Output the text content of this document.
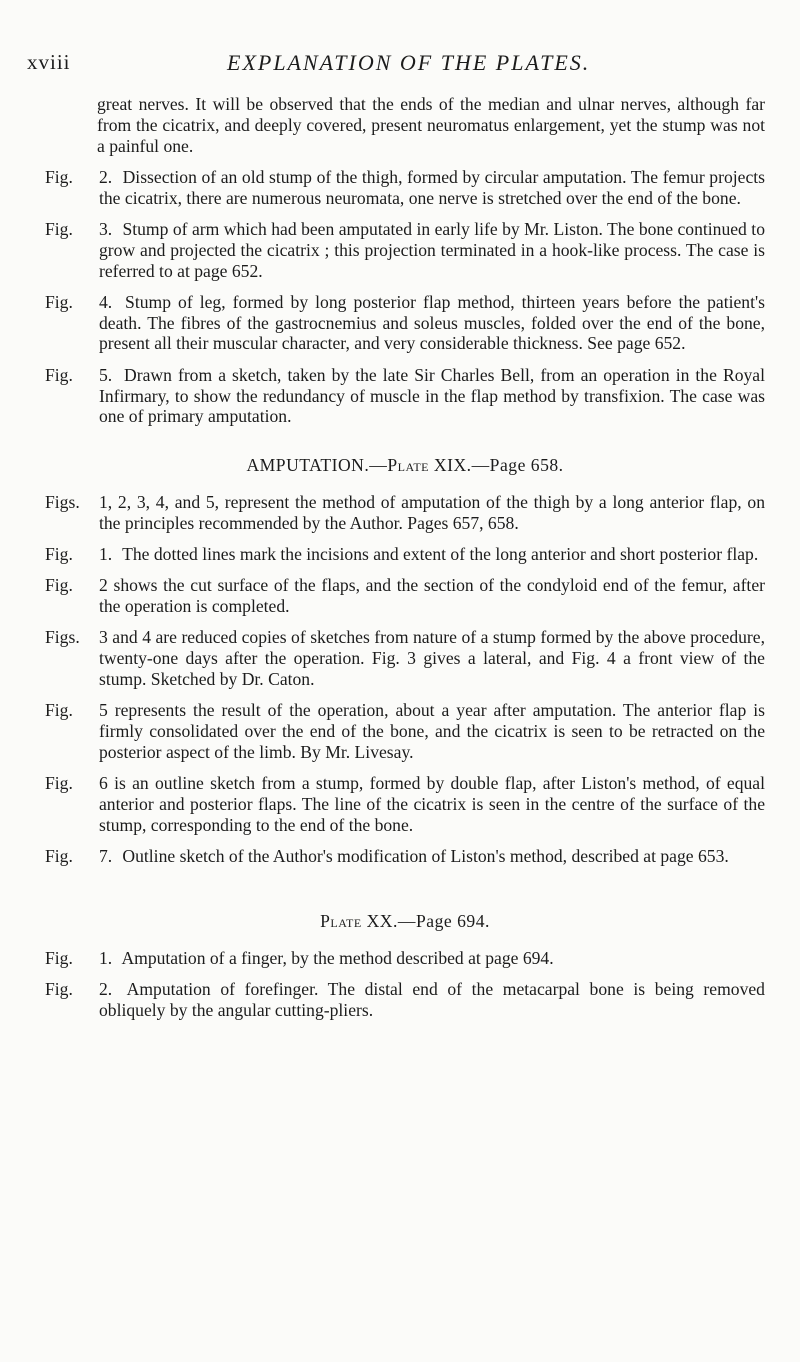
xviii	EXPLANATION OF THE PLATES.
great nerves. It will be observed that the ends of the median and ulnar nerves, although far from the cicatrix, and deeply covered, present neuromatus enlargement, yet the stump was not a painful one.
Fig.	2. Dissection of an old stump of the thigh, formed by circular amputation. The femur projects the cicatrix, there are numerous neuromata, one nerve is stretched over the end of the bone.
Fig.	3. Stump of arm which had been amputated in early life by Mr. Liston. The bone continued to grow and projected the cicatrix ; this projection terminated in a hook-like process. The case is referred to at page 652.
Fig.	4. Stump of leg, formed by long posterior flap method, thirteen years before the patient's death. The fibres of the gastrocnemius and soleus muscles, folded over the end of the bone, present all their muscular character, and very considerable thickness. See page 652.
Fig.	5. Drawn from a sketch, taken by the late Sir Charles Bell, from an operation in the Royal Infirmary, to show the redundancy of muscle in the flap method by transfixion. The case was one of primary amputation.
AMPUTATION.—Plate XIX.—Page 658.
Figs.	1, 2, 3, 4, and 5, represent the method of amputation of the thigh by a long anterior flap, on the principles recommended by the Author. Pages 657, 658.
Fig.	1. The dotted lines mark the incisions and extent of the long anterior and short posterior flap.
Fig.	2 shows the cut surface of the flaps, and the section of the condyloid end of the femur, after the operation is completed.
Figs.	3 and 4 are reduced copies of sketches from nature of a stump formed by the above procedure, twenty-one days after the operation. Fig. 3 gives a lateral, and Fig. 4 a front view of the stump. Sketched by Dr. Caton.
Fig.	5 represents the result of the operation, about a year after amputation. The anterior flap is firmly consolidated over the end of the bone, and the cicatrix is seen to be retracted on the posterior aspect of the limb. By Mr. Livesay.
Fig.	6 is an outline sketch from a stump, formed by double flap, after Liston's method, of equal anterior and posterior flaps. The line of the cicatrix is seen in the centre of the surface of the stump, corresponding to the end of the bone.
Fig.	7. Outline sketch of the Author's modification of Liston's method, described at page 653.
Plate XX.—Page 694.
Fig.	1. Amputation of a finger, by the method described at page 694.
Fig.	2. Amputation of forefinger. The distal end of the metacarpal bone is being removed obliquely by the angular cutting-pliers.
